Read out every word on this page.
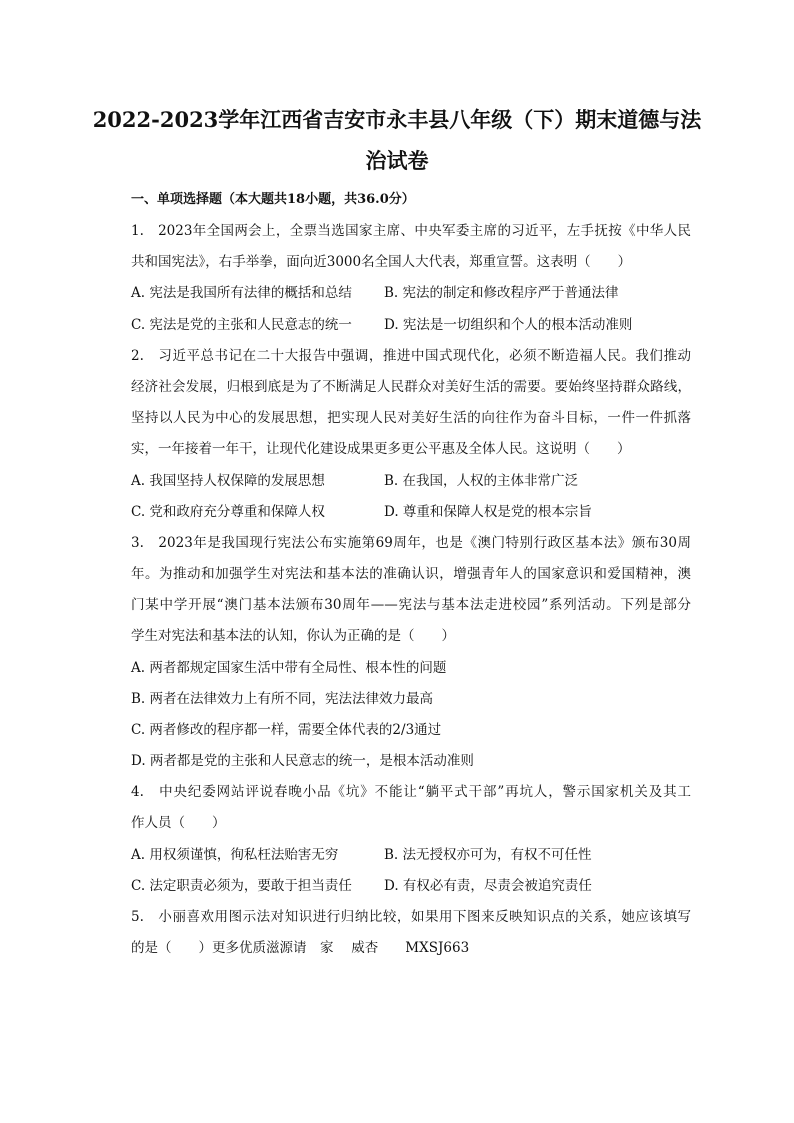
2022-2023学年江西省吉安市永丰县八年级（下）期末道德与法
治试卷
一、单项选择题（本大题共18小题，共36.0分）
1.　2023年全国两会上，全票当选国家主席、中央军委主席的习近平，左手抚按《中华人民
共和国宪法》，右手举拳，面向近3000名全国人大代表，郑重宣誓。这表明（　　）
A. 宪法是我国所有法律的概括和总结 B. 宪法的制定和修改程序严于普通法律
C. 宪法是党的主张和人民意志的统一 D. 宪法是一切组织和个人的根本活动准则
2.　习近平总书记在二十大报告中强调，推进中国式现代化，必须不断造福人民。我们推动
经济社会发展，归根到底是为了不断满足人民群众对美好生活的需要。要始终坚持群众路线，
坚持以人民为中心的发展思想，把实现人民对美好生活的向往作为奋斗目标，一件一件抓落
实，一年接着一年干，让现代化建设成果更多更公平惠及全体人民。这说明（　　）
A. 我国坚持人权保障的发展思想	B. 在我国，人权的主体非常广泛
C. 党和政府充分尊重和保障人权	D. 尊重和保障人权是党的根本宗旨
3.　2023年是我国现行宪法公布实施第69周年，也是《澳门特别行政区基本法》颁布30周
年。为推动和加强学生对宪法和基本法的准确认识，增强青年人的国家意识和爱国精神，澳
门某中学开展“澳门基本法颁布30周年——宪法与基本法走进校园”系列活动。下列是部分
学生对宪法和基本法的认知，你认为正确的是（　　）
A. 两者都规定国家生活中带有全局性、根本性的问题
B. 两者在法律效力上有所不同，宪法法律效力最高
C. 两者修改的程序都一样，需要全体代表的2/3通过
D. 两者都是党的主张和人民意志的统一，是根本活动准则
4.　中央纪委网站评说春晚小品《坑》不能让“躺平式干部”再坑人，警示国家机关及其工
作人员（　　）
A. 用权须谨慎，徇私枉法贻害无穷	B. 法无授权亦可为，有权不可任性
C. 法定职责必须为，要敢于担当责任 D. 有权必有责，尽责会被追究责任
5.　小丽喜欢用图示法对知识进行归纳比较，如果用下图来反映知识点的关系，她应该填写
的是（　　）更多优质滋源请　家　 威杏　　MXSJ663
